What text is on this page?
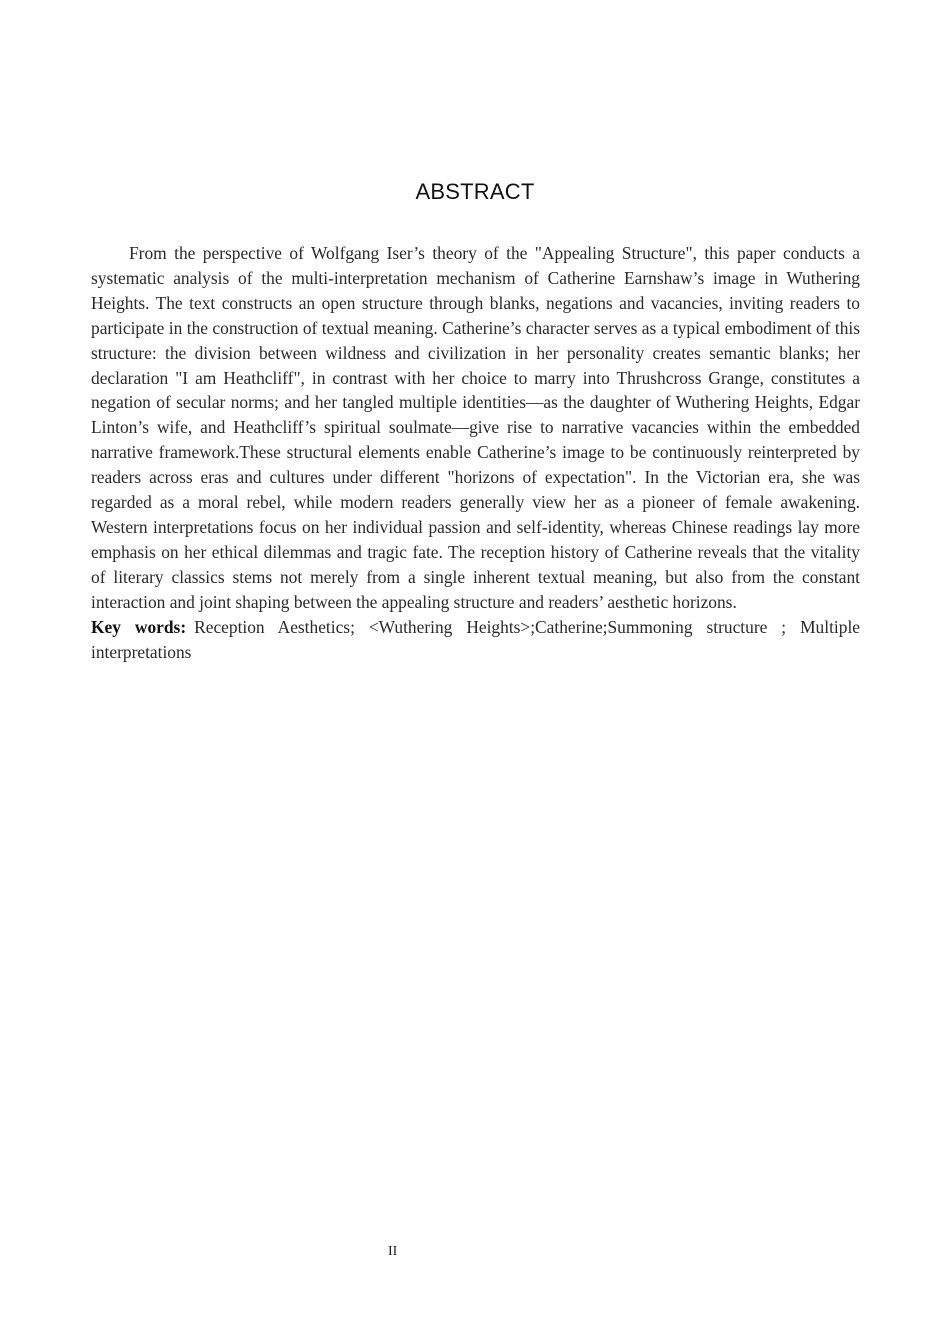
ABSTRACT

From the perspective of Wolfgang Iser’s theory of the "Appealing Structure", this paper conducts a systematic analysis of the multi-interpretation mechanism of Catherine Earnshaw’s image in Wuthering Heights. The text constructs an open structure through blanks, negations and vacancies, inviting readers to participate in the construction of textual meaning. Catherine’s character serves as a typical embodiment of this structure: the division between wildness and civilization in her personality creates semantic blanks; her declaration "I am Heathcliff", in contrast with her choice to marry into Thrushcross Grange, constitutes a negation of secular norms; and her tangled multiple identities—as the daughter of Wuthering Heights, Edgar Linton’s wife, and Heathcliff’s spiritual soulmate—give rise to narrative vacancies within the embedded narrative framework.These structural elements enable Catherine’s image to be continuously reinterpreted by readers across eras and cultures under different "horizons of expectation". In the Victorian era, she was regarded as a moral rebel, while modern readers generally view her as a pioneer of female awakening. Western interpretations focus on her individual passion and self-identity, whereas Chinese readings lay more emphasis on her ethical dilemmas and tragic fate. The reception history of Catherine reveals that the vitality of literary classics stems not merely from a single inherent textual meaning, but also from the constant interaction and joint shaping between the appealing structure and readers’ aesthetic horizons.

Key words: Reception Aesthetics; <Wuthering Heights>;Catherine;Summoning structure ; Multiple interpretations

II
